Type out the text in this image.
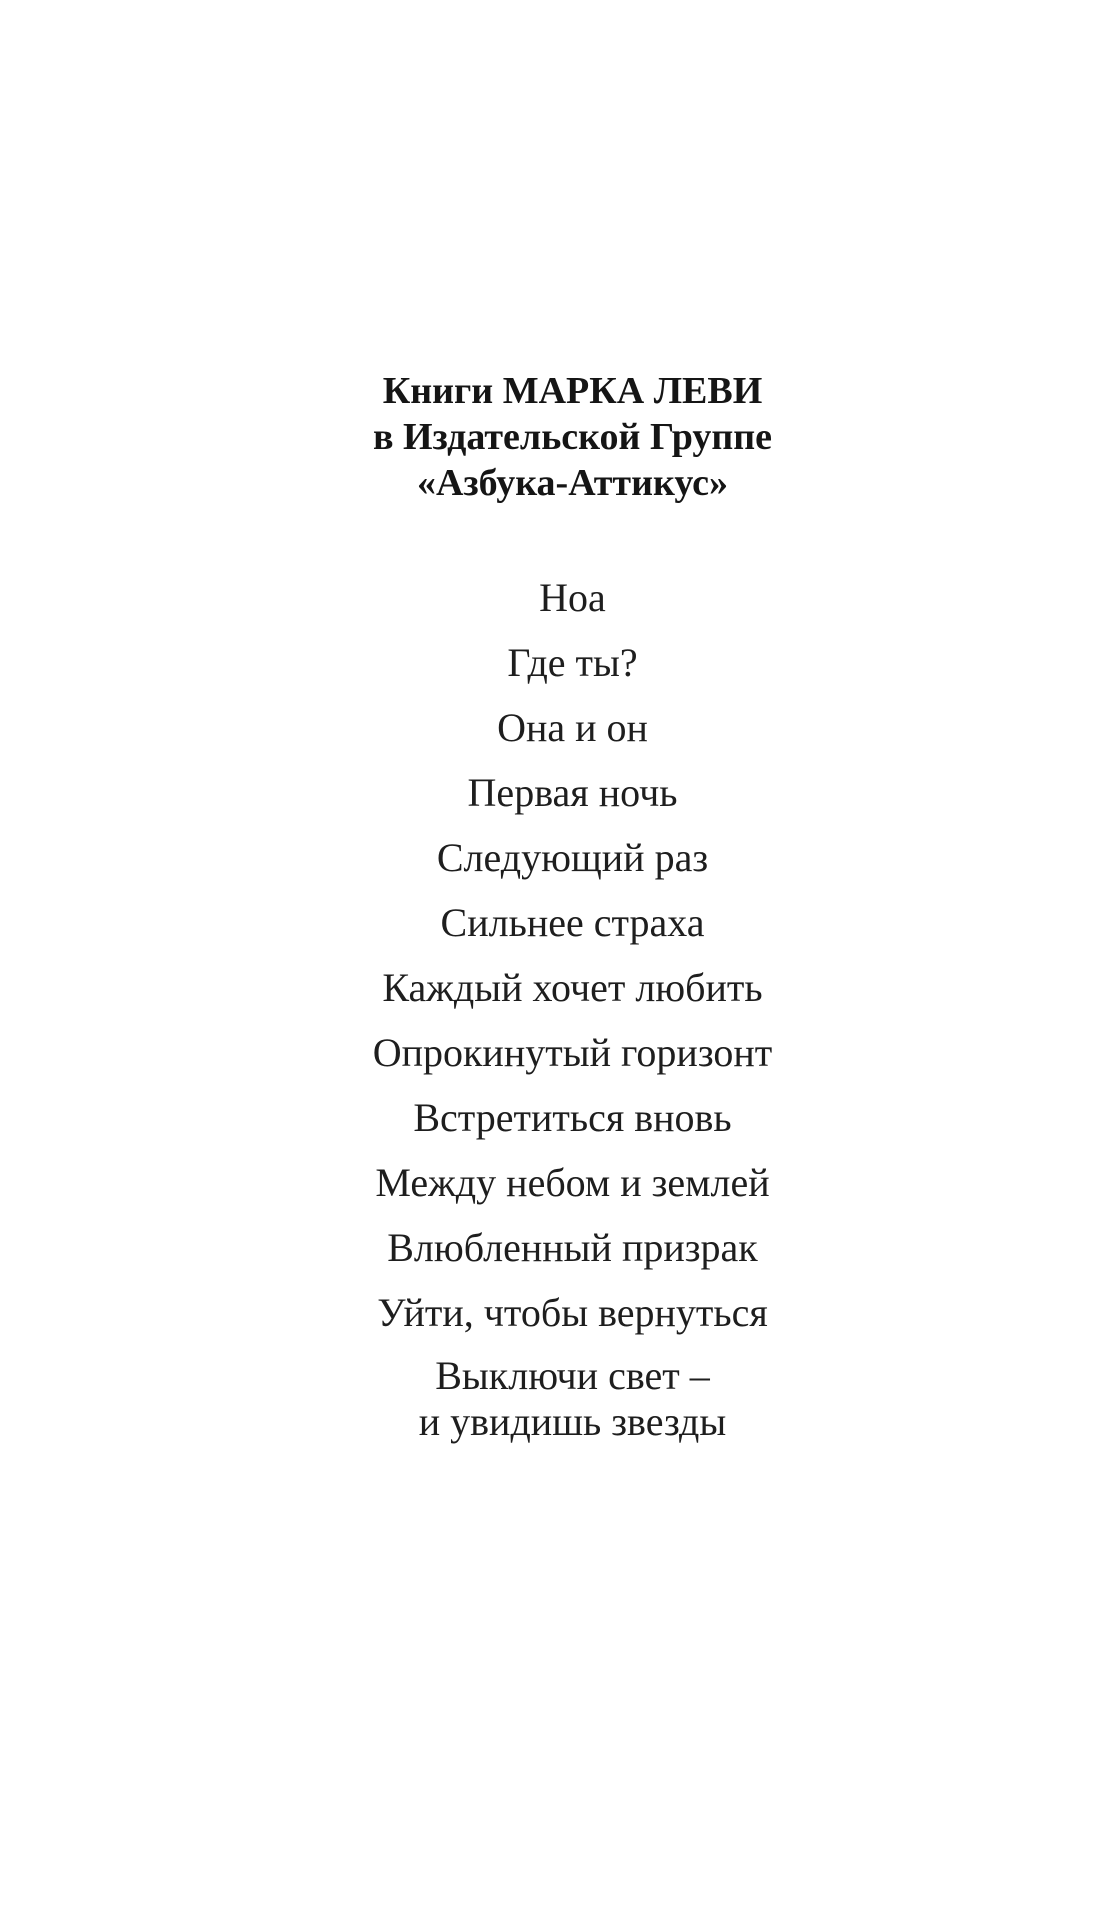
Книги МАРКА ЛЕВИ
в Издательской Группе
«Азбука-Аттикус»
Ноа
Где ты?
Она и он
Первая ночь
Следующий раз
Сильнее страха
Каждый хочет любить
Опрокинутый горизонт
Встретиться вновь
Между небом и землей
Влюбленный призрак
Уйти, чтобы вернуться
Выключи свет –
и увидишь звезды
